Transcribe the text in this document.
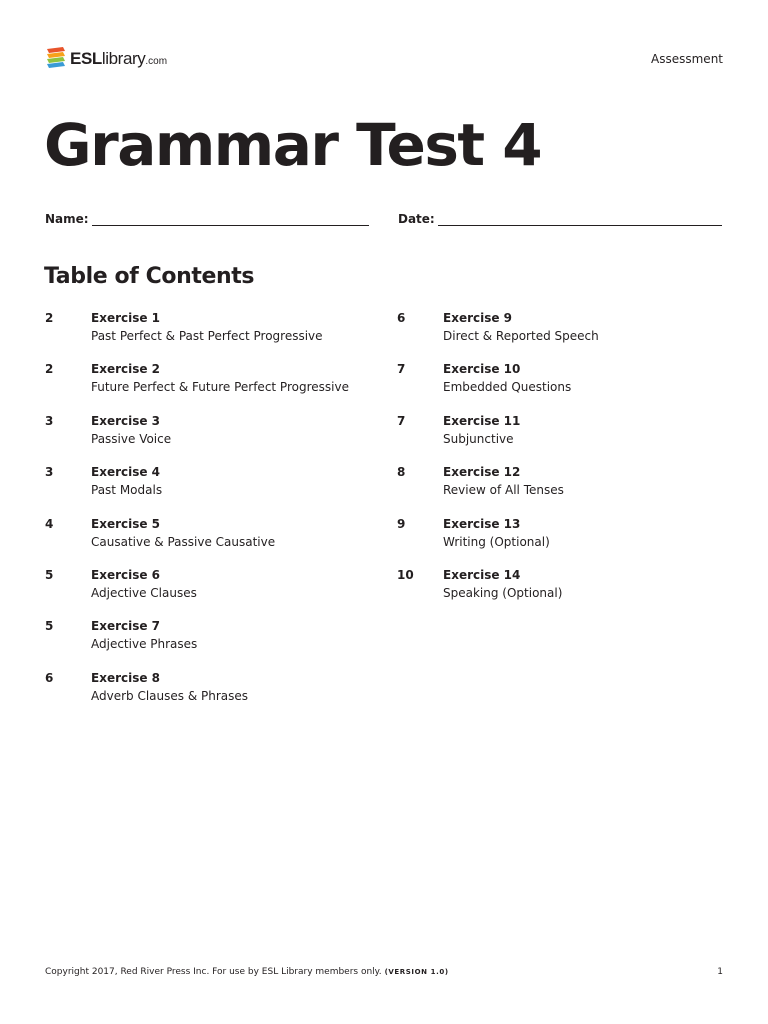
ESLlibrary.com	Assessment
Grammar Test 4
Name:	Date:
Table of Contents
2	Exercise 1
Past Perfect & Past Perfect Progressive
2	Exercise 2
Future Perfect & Future Perfect Progressive
3	Exercise 3
Passive Voice
3	Exercise 4
Past Modals
4	Exercise 5
Causative & Passive Causative
5	Exercise 6
Adjective Clauses
5	Exercise 7
Adjective Phrases
6	Exercise 8
Adverb Clauses & Phrases
6	Exercise 9
Direct & Reported Speech
7	Exercise 10
Embedded Questions
7	Exercise 11
Subjunctive
8	Exercise 12
Review of All Tenses
9	Exercise 13
Writing (Optional)
10 Exercise 14
Speaking (Optional)
Copyright 2017, Red River Press Inc. For use by ESL Library members only. (VERSION 1.0)	1
